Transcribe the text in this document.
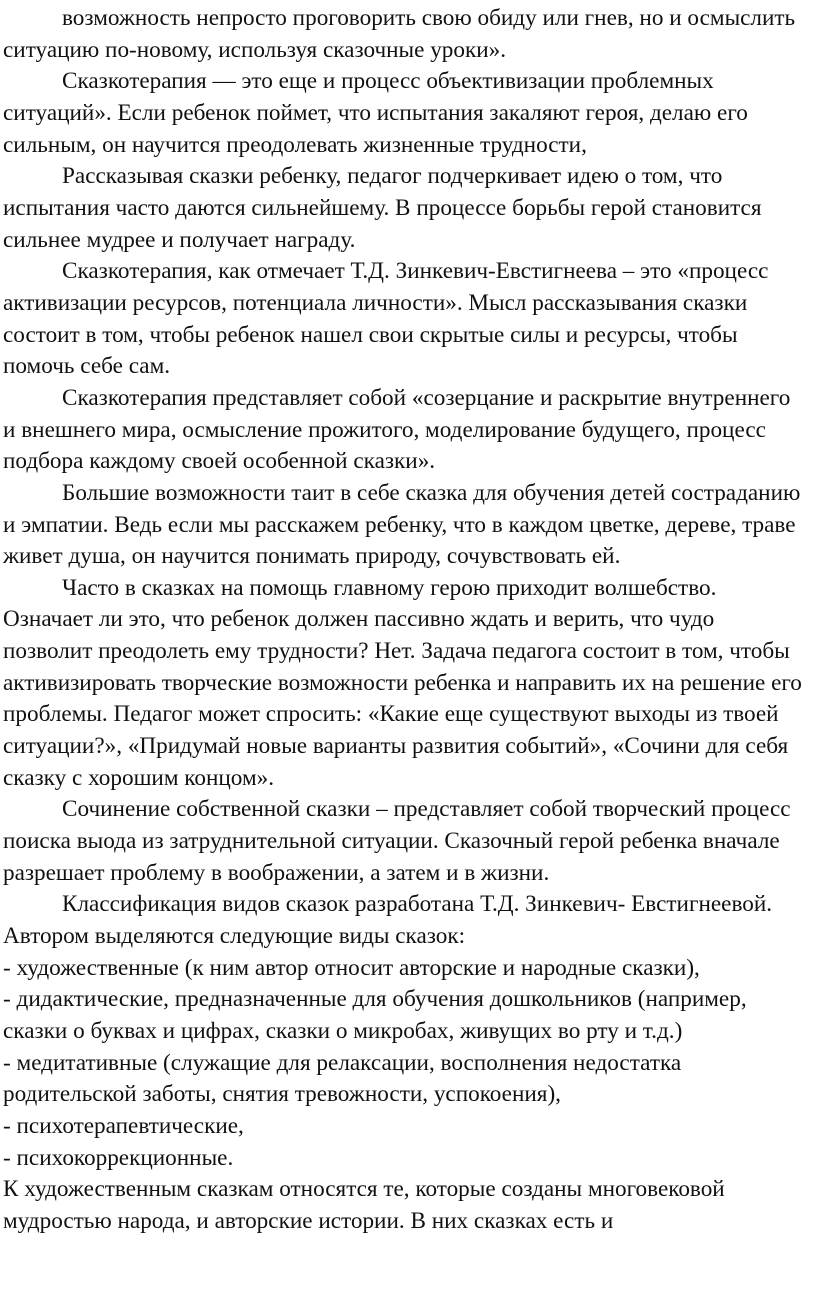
возможность непросто проговорить свою обиду или гнев, но и осмыслить ситуацию по-новому, используя сказочные уроки».

Сказкотерапия — это еще и процесс объективизации проблемных ситуаций». Если ребенок поймет, что испытания закаляют героя, делаю его сильным, он научится преодолевать жизненные трудности,

Рассказывая сказки ребенку, педагог подчеркивает идею о том, что испытания часто даются сильнейшему. В процессе борьбы герой становится сильнее мудрее и получает награду.

Сказкотерапия, как отмечает Т.Д. Зинкевич-Евстигнеева – это «процесс активизации ресурсов, потенциала личности». Мысл рассказывания сказки состоит в том, чтобы ребенок нашел свои скрытые силы и ресурсы, чтобы помочь себе сам.

Сказкотерапия представляет собой «созерцание и раскрытие внутреннего и внешнего мира, осмысление прожитого, моделирование будущего, процесс подбора каждому своей особенной сказки».

Большие возможности таит в себе сказка для обучения детей состраданию и эмпатии. Ведь если мы расскажем ребенку, что в каждом цветке, дереве, траве живет душа, он научится понимать природу, сочувствовать ей.

Часто в сказках на помощь главному герою приходит волшебство. Означает ли это, что ребенок должен пассивно ждать и верить, что чудо позволит преодолеть ему трудности? Нет. Задача педагога состоит в том, чтобы активизировать творческие возможности ребенка и направить их на решение его проблемы. Педагог может спросить: «Какие еще существуют выходы из твоей ситуации?», «Придумай новые варианты развития событий», «Сочини для себя сказку с хорошим концом».

Сочинение собственной сказки – представляет собой творческий процесс поиска выода из затруднительной ситуации. Сказочный герой ребенка вначале разрешает проблему в воображении, а затем и в жизни.

Классификация видов сказок разработана Т.Д. Зинкевич- Евстигнеевой. Автором выделяются следующие виды сказок:

- художественные (к ним автор относит авторские и народные сказки),

- дидактические, предназначенные для обучения дошкольников (например, сказки о буквах и цифрах, сказки о микробах, живущих во рту и т.д.)

- медитативные (служащие для релаксации, восполнения недостатка родительской заботы, снятия тревожности, успокоения),

- психотерапевтические,

- психокоррекционные.

К художественным сказкам относятся те, которые созданы многовековой мудростью народа, и авторские истории. В них сказках есть и
